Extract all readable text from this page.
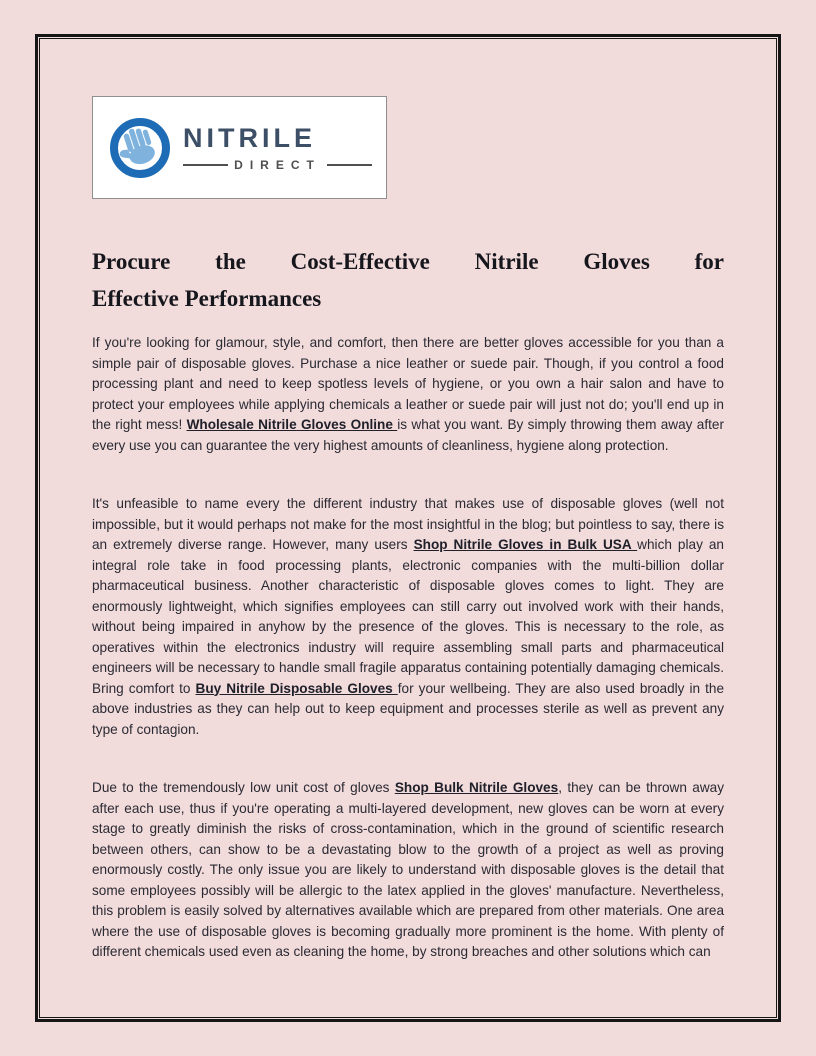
NITRILE
DIRECT
Procure the Cost-Effective Nitrile Gloves for
Effective Performances

If you're looking for glamour, style, and comfort, then there are better gloves accessible for you than a simple pair of disposable gloves. Purchase a nice leather or suede pair. Though, if you control a food processing plant and need to keep spotless levels of hygiene, or you own a hair salon and have to protect your employees while applying chemicals a leather or suede pair will just not do; you'll end up in the right mess! Wholesale Nitrile Gloves Online is what you want. By simply throwing them away after every use you can guarantee the very highest amounts of cleanliness, hygiene along protection.

It's unfeasible to name every the different industry that makes use of disposable gloves (well not impossible, but it would perhaps not make for the most insightful in the blog; but pointless to say, there is an extremely diverse range. However, many users Shop Nitrile Gloves in Bulk USA which play an integral role take in food processing plants, electronic companies with the multi-billion dollar pharmaceutical business. Another characteristic of disposable gloves comes to light. They are enormously lightweight, which signifies employees can still carry out involved work with their hands, without being impaired in anyhow by the presence of the gloves. This is necessary to the role, as operatives within the electronics industry will require assembling small parts and pharmaceutical engineers will be necessary to handle small fragile apparatus containing potentially damaging chemicals. Bring comfort to Buy Nitrile Disposable Gloves for your wellbeing. They are also used broadly in the above industries as they can help out to keep equipment and processes sterile as well as prevent any type of contagion.

Due to the tremendously low unit cost of gloves Shop Bulk Nitrile Gloves, they can be thrown away after each use, thus if you're operating a multi-layered development, new gloves can be worn at every stage to greatly diminish the risks of cross-contamination, which in the ground of scientific research between others, can show to be a devastating blow to the growth of a project as well as proving enormously costly. The only issue you are likely to understand with disposable gloves is the detail that some employees possibly will be allergic to the latex applied in the gloves' manufacture. Nevertheless, this problem is easily solved by alternatives available which are prepared from other materials. One area where the use of disposable gloves is becoming gradually more prominent is the home. With plenty of different chemicals used even as cleaning the home, by strong breaches and other solutions which can
